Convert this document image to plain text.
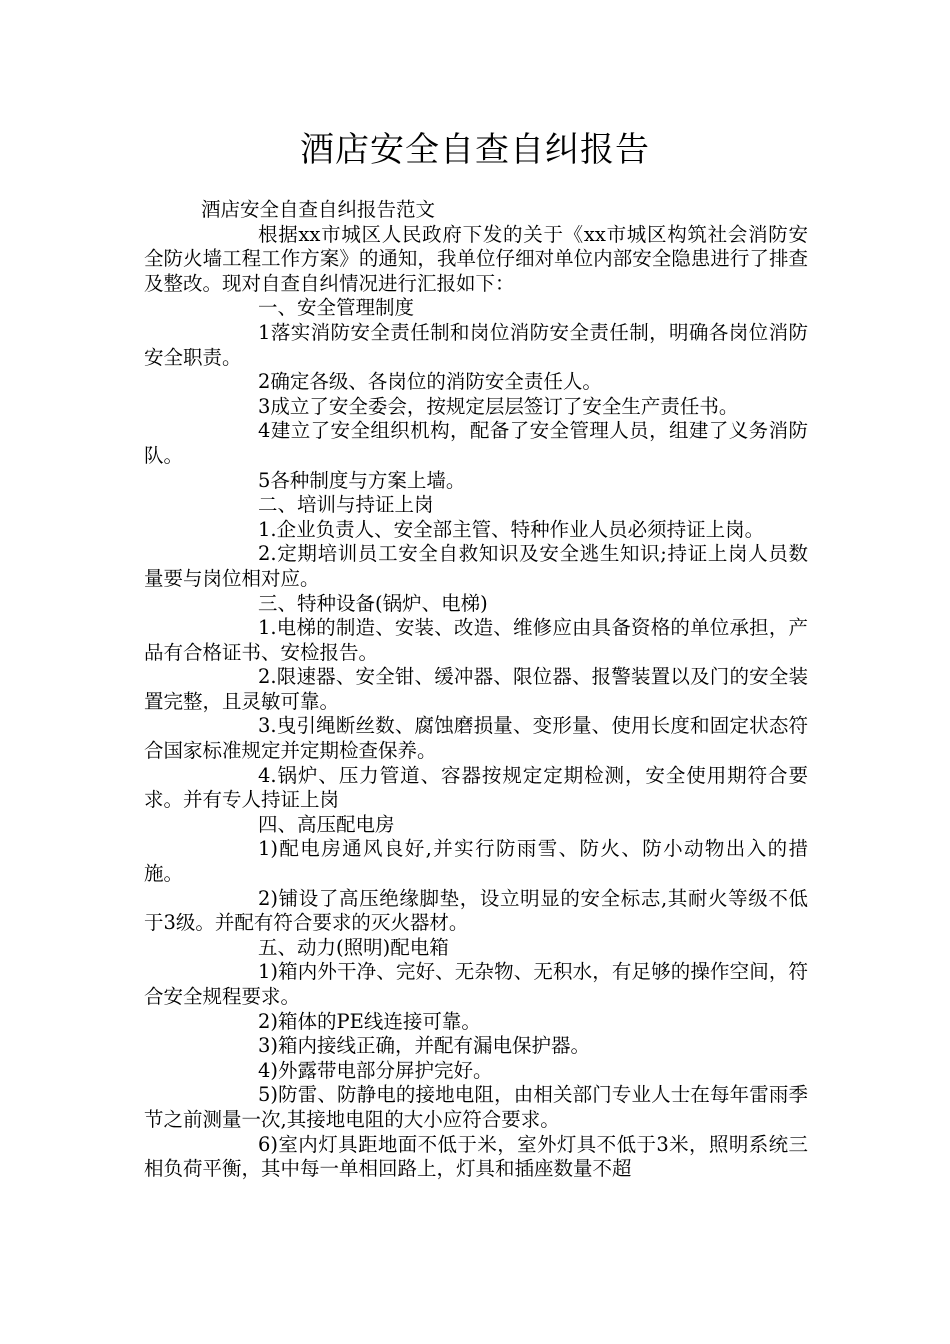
酒店安全自查自纠报告

酒店安全自查自纠报告范文

根据xx市城区人民政府下发的关于《xx市城区构筑社会消防安全防火墙工程工作方案》的通知，我单位仔细对单位内部安全隐患进行了排查及整改。现对自查自纠情况进行汇报如下：

一、安全管理制度

1落实消防安全责任制和岗位消防安全责任制，明确各岗位消防安全职责。

2确定各级、各岗位的消防安全责任人。

3成立了安全委会，按规定层层签订了安全生产责任书。

4建立了安全组织机构，配备了安全管理人员，组建了义务消防队。

5各种制度与方案上墙。

二、培训与持证上岗

1.企业负责人、安全部主管、特种作业人员必须持证上岗。

2.定期培训员工安全自救知识及安全逃生知识;持证上岗人员数量要与岗位相对应。

三、特种设备(锅炉、电梯)

1.电梯的制造、安装、改造、维修应由具备资格的单位承担，产品有合格证书、安检报告。

2.限速器、安全钳、缓冲器、限位器、报警装置以及门的安全装置完整，且灵敏可靠。

3.曳引绳断丝数、腐蚀磨损量、变形量、使用长度和固定状态符合国家标准规定并定期检查保养。

4.锅炉、压力管道、容器按规定定期检测，安全使用期符合要求。并有专人持证上岗

四、高压配电房

1)配电房通风良好,并实行防雨雪、防火、防小动物出入的措施。

2)铺设了高压绝缘脚垫，设立明显的安全标志,其耐火等级不低于3级。并配有符合要求的灭火器材。

五、动力(照明)配电箱

1)箱内外干净、完好、无杂物、无积水，有足够的操作空间，符合安全规程要求。

2)箱体的PE线连接可靠。

3)箱内接线正确，并配有漏电保护器。

4)外露带电部分屏护完好。

5)防雷、防静电的接地电阻，由相关部门专业人士在每年雷雨季节之前测量一次,其接地电阻的大小应符合要求。

6)室内灯具距地面不低于米，室外灯具不低于3米，照明系统三相负荷平衡，其中每一单相回路上，灯具和插座数量不超
